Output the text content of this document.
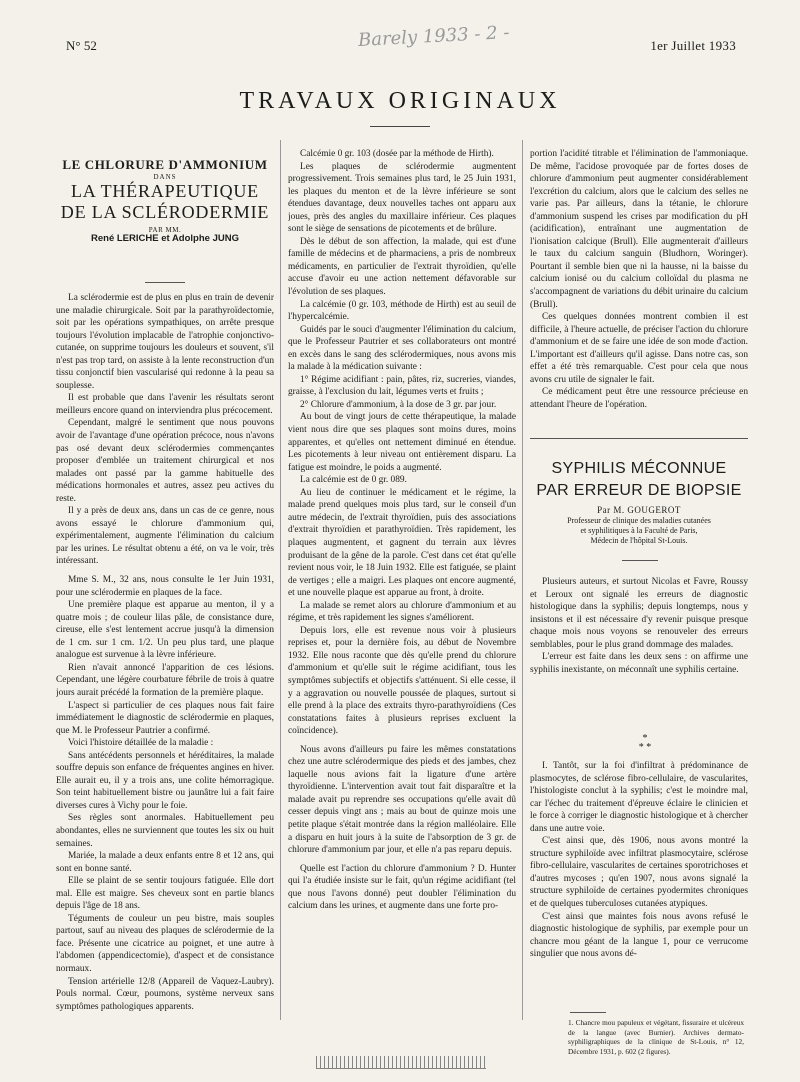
N° 52	Barely 1933 - 2 -	1er Juillet 1933
TRAVAUX ORIGINAUX
LE CHLORURE D'AMMONIUM
DANS
LA THÉRAPEUTIQUE
DE LA SCLÉRODERMIE
PAR MM.
René LERICHE et Adolphe JUNG

La sclérodermie est de plus en plus en train de devenir une maladie chirurgicale. Soit par la parathyroïdectomie, soit par les opérations sympathiques, on arrête presque toujours l'évolution implacable de l'atrophie conjonctivo-cutanée, on supprime toujours les douleurs et souvent, s'il n'est pas trop tard, on assiste à la lente reconstruction d'un tissu conjonctif bien vascularisé qui redonne à la peau sa souplesse.

Il est probable que dans l'avenir les résultats seront meilleurs encore quand on interviendra plus précocement.

Cependant, malgré le sentiment que nous pouvons avoir de l'avantage d'une opération précoce, nous n'avons pas osé devant deux sclérodermies commençantes proposer d'emblée un traitement chirurgical et nos malades ont passé par la gamme habituelle des médications hormonales et autres, assez peu actives du reste.

Il y a près de deux ans, dans un cas de ce genre, nous avons essayé le chlorure d'ammonium qui, expérimentalement, augmente l'élimination du calcium par les urines. Le résultat obtenu a été, on va le voir, très intéressant.

Mme S. M., 32 ans, nous consulte le 1er Juin 1931, pour une sclérodermie en plaques de la face.

Une première plaque est apparue au menton, il y a quatre mois ; de couleur lilas pâle, de consistance dure, cireuse, elle s'est lentement accrue jusqu'à la dimension de 1 cm. sur 1 cm. 1/2. Un peu plus tard, une plaque analogue est survenue à la lèvre inférieure.

Rien n'avait annoncé l'apparition de ces lésions. Cependant, une légère courbature fébrile de trois à quatre jours aurait précédé la formation de la première plaque.

L'aspect si particulier de ces plaques nous fait faire immédiatement le diagnostic de sclérodermie en plaques, que M. le Professeur Pautrier a confirmé.

Voici l'histoire détaillée de la maladie :

Sans antécédents personnels et héréditaires, la malade souffre depuis son enfance de fréquentes angines en hiver. Elle aurait eu, il y a trois ans, une colite hémorragique. Son teint habituellement bistre ou jaunâtre lui a fait faire diverses cures à Vichy pour le foie.

Ses règles sont anormales. Habituellement peu abondantes, elles ne surviennent que toutes les six ou huit semaines.

Mariée, la malade a deux enfants entre 8 et 12 ans, qui sont en bonne santé.

Elle se plaint de se sentir toujours fatiguée. Elle dort mal. Elle est maigre. Ses cheveux sont en partie blancs depuis l'âge de 18 ans.

Téguments de couleur un peu bistre, mais souples partout, sauf au niveau des plaques de sclérodermie de la face. Présente une cicatrice au poignet, et une autre à l'abdomen (appendicectomie), d'aspect et de consistance normaux.

Tension artérielle 12/8 (Appareil de Vaquez-Laubry). Pouls normal. Cœur, poumons, système nerveux sans symptômes pathologiques apparents.

Calcémie 0 gr. 103 (dosée par la méthode de Hirth).

Les plaques de sclérodermie augmentent progressivement. Trois semaines plus tard, le 25 Juin 1931, les plaques du menton et de la lèvre inférieure se sont étendues davantage, deux nouvelles taches ont apparu aux joues, près des angles du maxillaire inférieur. Ces plaques sont le siège de sensations de picotements et de brûlure.

Dès le début de son affection, la malade, qui est d'une famille de médecins et de pharmaciens, a pris de nombreux médicaments, en particulier de l'extrait thyroïdien, qu'elle accuse d'avoir eu une action nettement défavorable sur l'évolution de ses plaques.

La calcémie (0 gr. 103, méthode de Hirth) est au seuil de l'hypercalcémie.

Guidés par le souci d'augmenter l'élimination du calcium, que le Professeur Pautrier et ses collaborateurs ont montré en excès dans le sang des sclérodermiques, nous avons mis la malade à la médication suivante :

1° Régime acidifiant : pain, pâtes, riz, sucreries, viandes, graisse, à l'exclusion du lait, légumes verts et fruits ;

2° Chlorure d'ammonium, à la dose de 3 gr. par jour.

Au bout de vingt jours de cette thérapeutique, la malade vient nous dire que ses plaques sont moins dures, moins apparentes, et qu'elles ont nettement diminué en étendue. Les picotements à leur niveau ont entièrement disparu. La fatigue est moindre, le poids a augmenté.

La calcémie est de 0 gr. 089.

Au lieu de continuer le médicament et le régime, la malade prend quelques mois plus tard, sur le conseil d'un autre médecin, de l'extrait thyroïdien, puis des associations d'extrait thyroïdien et parathyroïdien. Très rapidement, les plaques augmentent, et gagnent du terrain aux lèvres produisant de la gêne de la parole. C'est dans cet état qu'elle revient nous voir, le 18 Juin 1932. Elle est fatiguée, se plaint de vertiges ; elle a maigri. Les plaques ont encore augmenté, et une nouvelle plaque est apparue au front, à droite.

La malade se remet alors au chlorure d'ammonium et au régime, et très rapidement les signes s'améliorent.

Depuis lors, elle est revenue nous voir à plusieurs reprises et, pour la dernière fois, au début de Novembre 1932. Elle nous raconte que dès qu'elle prend du chlorure d'ammonium et qu'elle suit le régime acidifiant, tous les symptômes subjectifs et objectifs s'atténuent. Si elle cesse, il y a aggravation ou nouvelle poussée de plaques, surtout si elle prend à la place des extraits thyro-parathyroïdiens (Ces constatations faites à plusieurs reprises excluent la coïncidence).

Nous avons d'ailleurs pu faire les mêmes constatations chez une autre sclérodermique des pieds et des jambes, chez laquelle nous avions fait la ligature d'une artère thyroïdienne. L'intervention avait tout fait disparaître et la malade avait pu reprendre ses occupations qu'elle avait dû cesser depuis vingt ans ; mais au bout de quinze mois une petite plaque s'était montrée dans la région malléolaire. Elle a disparu en huit jours à la suite de l'absorption de 3 gr. de chlorure d'ammonium par jour, et elle n'a pas reparu depuis.

Quelle est l'action du chlorure d'ammonium ? D. Hunter qui l'a étudiée insiste sur le fait, qu'un régime acidifiant (tel que nous l'avons donné) peut doubler l'élimination du calcium dans les urines, et augmente dans une forte pro-

portion l'acidité titrable et l'élimination de l'ammoniaque. De même, l'acidose provoquée par de fortes doses de chlorure d'ammonium peut augmenter considérablement l'excrétion du calcium, alors que le calcium des selles ne varie pas. Par ailleurs, dans la tétanie, le chlorure d'ammonium suspend les crises par modification du pH (acidification), entraînant une augmentation de l'ionisation calcique (Brull). Elle augmenterait d'ailleurs le taux du calcium sanguin (Bludhorn, Woringer). Pourtant il semble bien que ni la hausse, ni la baisse du calcium ionisé ou du calcium colloïdal du plasma ne s'accompagnent de variations du débit urinaire du calcium (Brull).

Ces quelques données montrent combien il est difficile, à l'heure actuelle, de préciser l'action du chlorure d'ammonium et de se faire une idée de son mode d'action. L'important est d'ailleurs qu'il agisse. Dans notre cas, son effet a été très remarquable. C'est pour cela que nous avons cru utile de signaler le fait.

Ce médicament peut être une ressource précieuse en attendant l'heure de l'opération.

SYPHILIS MÉCONNUE
PAR ERREUR DE BIOPSIE
Par M. GOUGEROT
Professeur de clinique des maladies cutanées
et syphilitiques à la Faculté de Paris,
Médecin de l'hôpital St-Louis.

Plusieurs auteurs, et surtout Nicolas et Favre, Roussy et Leroux ont signalé les erreurs de diagnostic histologique dans la syphilis; depuis longtemps, nous y insistons et il est nécessaire d'y revenir puisque presque chaque mois nous voyons se renouveler des erreurs semblables, pour le plus grand dommage des malades.

L'erreur est faite dans les deux sens : on affirme une syphilis inexistante, on méconnaît une syphilis certaine.

*
* *

I. Tantôt, sur la foi d'infiltrat à prédominance de plasmocytes, de sclérose fibro-cellulaire, de vascularites, l'histologiste conclut à la syphilis; c'est le moindre mal, car l'échec du traitement d'épreuve éclaire le clinicien et le force à corriger le diagnostic histologique et à chercher dans une autre voie.

C'est ainsi que, dès 1906, nous avons montré la structure syphiloïde avec infiltrat plasmocytaire, sclérose fibro-cellulaire, vascularites de certaines sporotrichoses et d'autres mycoses ; qu'en 1907, nous avons signalé la structure syphiloïde de certaines pyodermites chroniques et de quelques tuberculoses cutanées atypiques.

C'est ainsi que maintes fois nous avons refusé le diagnostic histologique de syphilis, par exemple pour un chancre mou géant de la langue 1, pour ce verrucome singulier que nous avons dé-

1. Chancre mou papuleux et végétant, fissuraire et ulcéreux de la langue (avec Burnier). Archives dermato-syphiligraphiques de la clinique de St-Louis, n° 12, Décembre 1931, p. 602 (2 figures).
